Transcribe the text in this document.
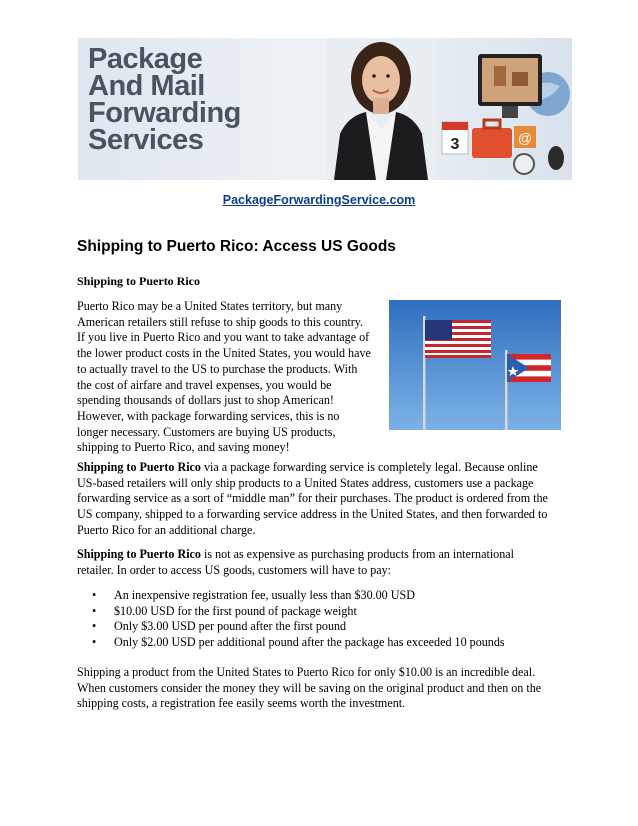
Package
And Mail
Forwarding
Services	3	@
PackageForwardingService.com
Shipping to Puerto Rico: Access US Goods
Shipping to Puerto Rico
Puerto Rico may be a United States territory, but many
American retailers still refuse to ship goods to this country.
If you live in Puerto Rico and you want to take advantage of
the lower product costs in the United States, you would have
to actually travel to the US to purchase the products. With
the cost of airfare and travel expenses, you would be
spending thousands of dollars just to shop American!
However, with package forwarding services, this is no
longer necessary. Customers are buying US products,
shipping to Puerto Rico, and saving money!
Shipping to Puerto Rico via a package forwarding service is completely legal. Because online
US-based retailers will only ship products to a United States address, customers use a package
forwarding service as a sort of “middle man” for their purchases. The product is ordered from the
US company, shipped to a forwarding service address in the United States, and then forwarded to
Puerto Rico for an additional charge.
Shipping to Puerto Rico is not as expensive as purchasing products from an international
retailer. In order to access US goods, customers will have to pay:
• An inexpensive registration fee, usually less than $30.00 USD
• $10.00 USD for the first pound of package weight
• Only $3.00 USD per pound after the first pound
• Only $2.00 USD per additional pound after the package has exceeded 10 pounds
Shipping a product from the United States to Puerto Rico for only $10.00 is an incredible deal.
When customers consider the money they will be saving on the original product and then on the
shipping costs, a registration fee easily seems worth the investment.
